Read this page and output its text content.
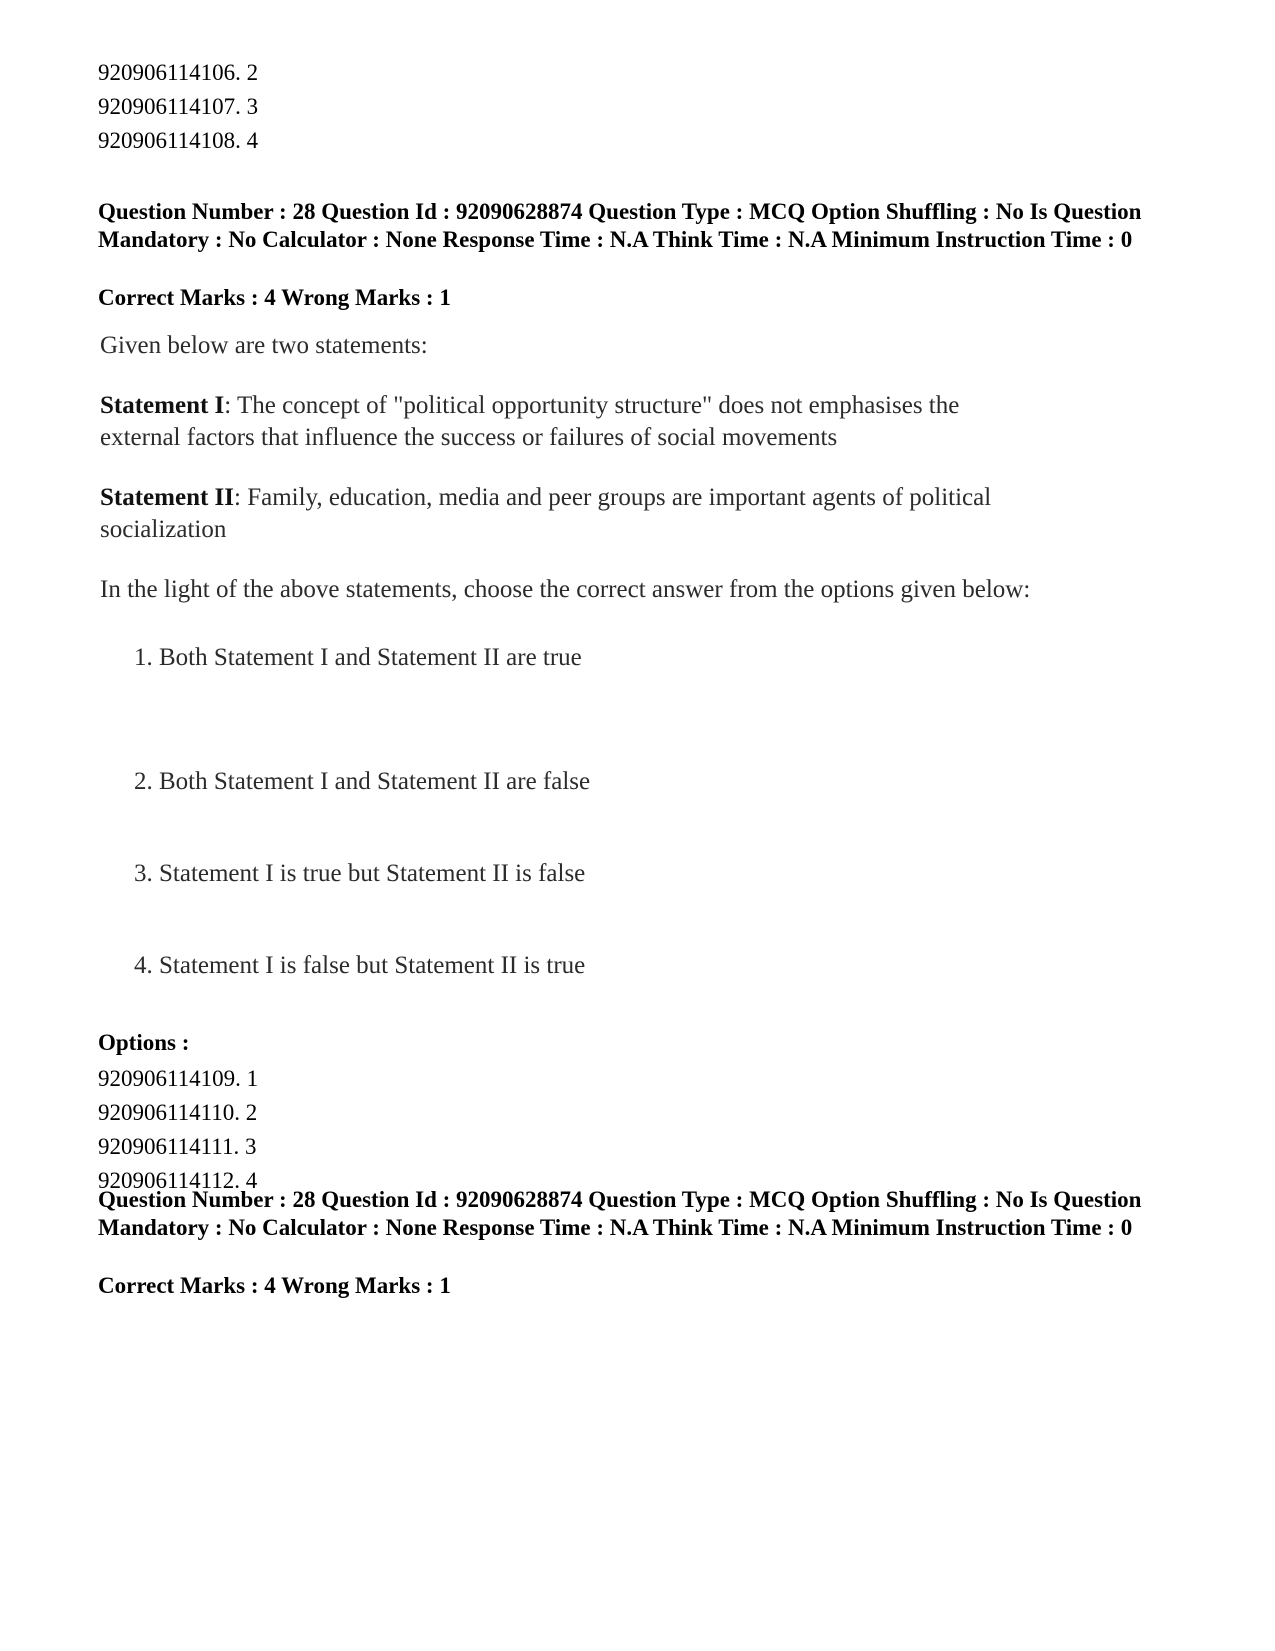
920906114106. 2
920906114107. 3
920906114108. 4
Question Number : 28 Question Id : 92090628874 Question Type : MCQ Option Shuffling : No Is Question Mandatory : No Calculator : None Response Time : N.A Think Time : N.A Minimum Instruction Time : 0
Correct Marks : 4 Wrong Marks : 1

Given below are two statements:

Statement I: The concept of "political opportunity structure" does not emphasises the external factors that influence the success or failures of social movements

Statement II: Family, education, media and peer groups are important agents of political socialization

In the light of the above statements, choose the correct answer from the options given below:

1. Both Statement I and Statement II are true
2. Both Statement I and Statement II are false
3. Statement I is true but Statement II is false
4. Statement I is false but Statement II is true
Options :
920906114109. 1
920906114110. 2
920906114111. 3
920906114112. 4
Question Number : 28 Question Id : 92090628874 Question Type : MCQ Option Shuffling : No Is Question Mandatory : No Calculator : None Response Time : N.A Think Time : N.A Minimum Instruction Time : 0
Correct Marks : 4 Wrong Marks : 1
